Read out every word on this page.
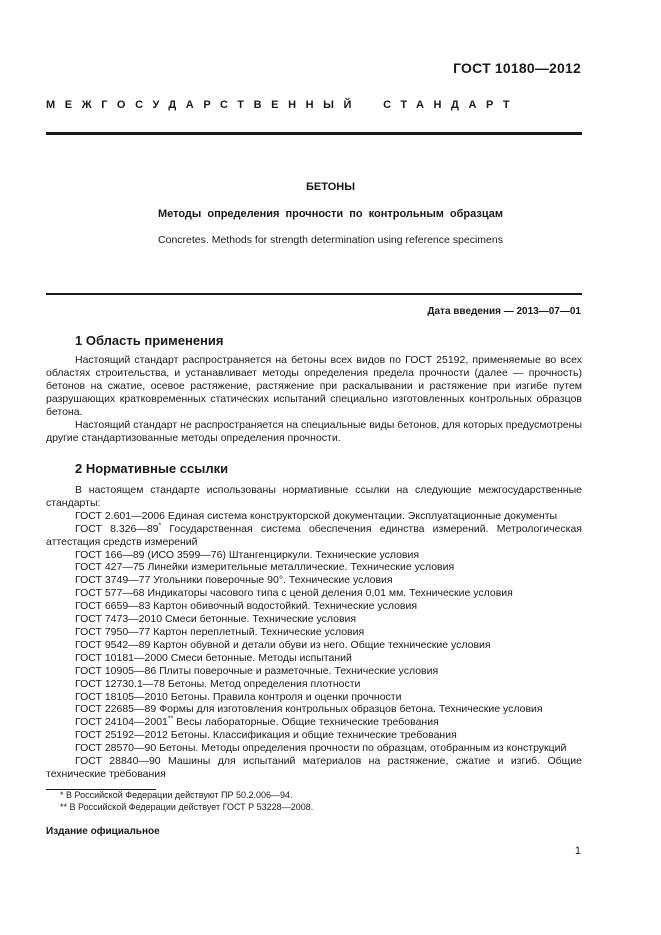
ГОСТ 10180—2012
МЕЖГОСУДАРСТВЕННЫЙ СТАНДАРТ
БЕТОНЫ
Методы определения прочности по контрольным образцам
Concretes. Methods for strength determination using reference specimens
Дата введения — 2013—07—01
1 Область применения

Настоящий стандарт распространяется на бетоны всех видов по ГОСТ 25192, применяемые во всех областях строительства, и устанавливает методы определения предела прочности (далее — прочность) бетонов на сжатие, осевое растяжение, растяжение при раскалывании и растяжение при изгибе путем разрушающих кратковременных статических испытаний специально изготовленных контрольных образцов бетона.

Настоящий стандарт не распространяется на специальные виды бетонов, для которых предусмотрены другие стандартизованные методы определения прочности.

2 Нормативные ссылки
В настоящем стандарте использованы нормативные ссылки на следующие межгосударственные стандарты:
ГОСТ 2.601—2006 Единая система конструкторской документации. Эксплуатационные документы
ГОСТ 8.326—89* Государственная система обеспечения единства измерений. Метрологическая аттестация средств измерений
ГОСТ 166—89 (ИСО 3599—76) Штангенциркули. Технические условия
ГОСТ 427—75 Линейки измерительные металлические. Технические условия
ГОСТ 3749—77 Угольники поверочные 90°. Технические условия
ГОСТ 577—68 Индикаторы часового типа с ценой деления 0,01 мм. Технические условия
ГОСТ 6659—83 Картон обивочный водостойкий. Технические условия
ГОСТ 7473—2010 Смеси бетонные. Технические условия
ГОСТ 7950—77 Картон переплетный. Технические условия
ГОСТ 9542—89 Картон обувной и детали обуви из него. Общие технические условия
ГОСТ 10181—2000 Смеси бетонные. Методы испытаний
ГОСТ 10905—86 Плиты поверочные и разметочные. Технические условия
ГОСТ 12730.1—78 Бетоны. Метод определения плотности
ГОСТ 18105—2010 Бетоны. Правила контроля и оценки прочности
ГОСТ 22685—89 Формы для изготовления контрольных образцов бетона. Технические условия
ГОСТ 24104—2001** Весы лабораторные. Общие технические требования
ГОСТ 25192—2012 Бетоны. Классификация и общие технические требования
ГОСТ 28570—90 Бетоны. Методы определения прочности по образцам, отобранным из конструкций
ГОСТ 28840—90 Машины для испытаний материалов на растяжение, сжатие и изгиб. Общие технические требования
* В Российской Федерации действуют ПР 50.2.006—94.
** В Российской Федерации действует ГОСТ Р 53228—2008.
Издание официальное
1
